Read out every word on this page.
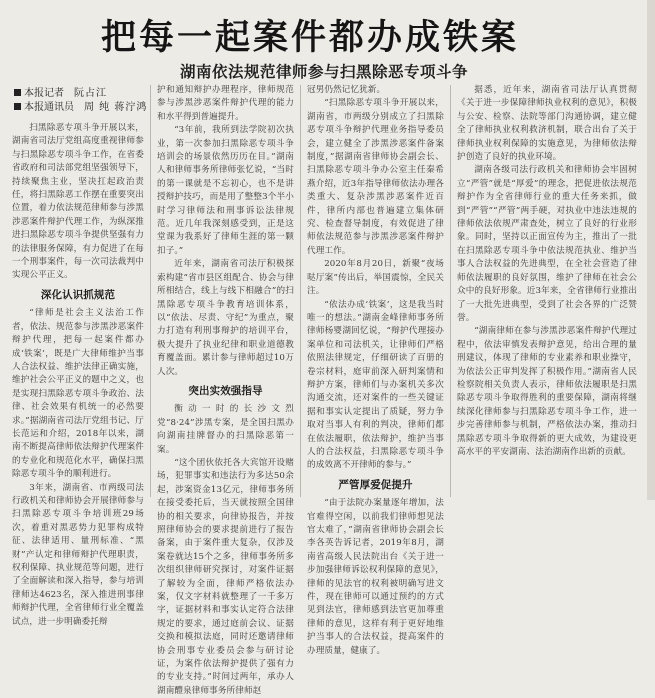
把每一起案件都办成铁案
湖南依法规范律师参与扫黑除恶专项斗争
本报记者 阮占江
本报通讯员 周 纯 蒋泞鸿

扫黑除恶专项斗争开展以来，湖南省司法厅党组高度重视律师参与扫黑除恶专项斗争工作，在省委省政府和司法部党组坚强领导下，持续聚焦主业，坚决扛起政治责任，将扫黑除恶工作摆在重要突出位置，着力依法规范律师参与涉黑涉恶案件辩护代理工作，为纵深推进扫黑除恶专项斗争提供坚强有力的法律服务保障，有力促进了在每一个刑事案件，每一次司法裁判中实现公平正义。

深化认识抓规范

“律师是社会主义法治工作者，依法、规范参与涉黑涉恶案件辩护代理，把每一起案件都办成‘铁案’，既是广大律师维护当事人合法权益、维护法律正确实施，维护社会公平正义的题中之义，也是实现扫黑除恶专项斗争政治、法律、社会效果有机统一的必然要求。”据湖南省司法厅党组书记、厅长范运和介绍，2018年以来，湖南不断提高律师依法辩护代理案件的专业化和规范化水平，确保扫黑除恶专项斗争的顺利进行。

3年来，湖南省、市两级司法行政机关和律师协会开展律师参与扫黑除恶专项斗争培训班29场次，着重对黑恶势力犯罪构成特征、法律适用、量刑标准、“黑财”产认定和律师辩护代理职责，权利保障、执业规范等问题，进行了全面解读和深入指导，参与培训律师达4623名，深入推进刑事律师辩护代理，全省律师行业全覆盖试点，进一步明确委托辩

护和通知辩护办理程序，律师规范参与涉黑涉恶案件辩护代理的能力和水平得到普遍提升。

“3年前，我所到法学院初次执业，第一次参加扫黑除恶专项斗争培训会的场景依然历历在目。”湖南人和律师事务所律师张忆说，“当时的第一课就是不忘初心，也不是讲授辩护技巧，而是用了整整3个半小时学习律师法和刑事诉讼法律规范。近几年我深刻感受到，正是这堂课为我系好了律师生涯的第一颗扣子。”

近年来，湖南省司法厅积极探索构建“省市县区组配合、协会与律所相结合，线上与线下相融合”的扫黑除恶专项斗争教育培训体系，以“依法、尽责、守纪”为重点，聚力打造有利刑事辩护的培训平台，极大提升了执业纪律和职业道德教育覆盖面。累计参与律师超过10万人次。

突出实效强指导

衡动一时的长沙文烈党“8·24”涉黑专案，是全国扫黑办向湖南挂牌督办的扫黑除恶第一案。

“这个团伙依托各大宾馆开设赌场，犯罪事实和违法行为多达50余起，涉案资金13亿元，律师事务所在接受委托后，当天就按照全国律协的相关要求，向律协报告，并按照律师协会的要求提前进行了报告备案，由于案件重大复杂，仅涉及案卷就达15个之多，律师事务所多次组织律师研究探讨，对案件证据了解较为全面，律师严格依法办案，仅文字材料就整理了一千多万字，证据材料和事实认定符合法律规定的要求，通过庭前会议、证据交换和模拟法庭，同时还邀请律师协会刑事专业委员会参与研讨论证，为案件依法辩护提供了强有力的专业支持。”时间过两年，承办人湖南醴泉律师事务所律师赵

冠男仍然记忆犹新。

“扫黑除恶专项斗争开展以来，湖南省，市两级分别成立了扫黑除恶专项斗争辩护代理业务指导委员会，建立健全了涉黑涉恶案件备案制度，”据湖南省律师协会副会长、扫黑除恶专项斗争办公室主任秦希燕介绍，近3年指导律师依法办理各类重大、复杂涉黑涉恶案件近百件，律所内部也普遍建立集体研究、检查督导制度，有效促进了律师依法规范参与涉黑涉恶案件辩护代理工作。

2020年8月20日，新聚“夜场哒厅案”传出后，举国震惊，全民关注。

“依法办成‘铁案’，这是我当时唯一的想法。”湖南金峰律师事务所律师杨婴湖回忆说，“辩护代理接办案单位和司法机关，让律师们严格依照法律规定，仔细研读了百册的卷宗材料，庭审前深入研判案情和辩护方案，律师们与办案机关多次沟通交流，还对案件的一些关键证据和事实认定提出了质疑，努力争取对当事人有利的判决，律师们都在依法履职，依法辩护，维护当事人的合法权益，扫黑除恶专项斗争的成效离不开律师的参与。”

严管厚爱促提升

“由于法院办案量逐年增加，法官难得空闲，以前我们律师想见法官太难了，”湖南省律师协会副会长李各英告诉记者，2019年8月，湖南省高级人民法院出台《关于进一步加强律师诉讼权利保障的意见》，律师的见法官的权利被明确写进文件，现在律师可以通过预约的方式见到法官，律师感到法官更加尊重律师的意见，这样有利于更好地维护当事人的合法权益，提高案件的办理质量，健康了。

据悉，近年来，湖南省司法厅认真贯彻《关于进一步保障律师执业权利的意见》，积极与公安、检察、法院等部门沟通协调，建立健全了律师执业权利救济机制，联合出台了关于律师执业权利保障的实施意见，为律师依法辩护创造了良好的执业环境。

湖南各级司法行政机关和律师协会牢固树立“严管”就是“厚爱”的理念，把促进依法规范辩护作为全省律师行业的重大任务来抓，做到“严管”“严管”两手硬，对执业中违法违规的律师依法依规严肃查处，树立了良好的行业形象。同时，坚持以正面宣传为主，推出了一批在扫黑除恶专项斗争中依法规范执业、维护当事人合法权益的先进典型，在全社会营造了律师依法履职的良好氛围，维护了律师在社会公众中的良好形象。近3年来，全省律师行业推出了一大批先进典型，受到了社会各界的广泛赞誉。

“湖南律师在参与涉黑涉恶案件辩护代理过程中，依法审慎发表辩护意见，给出合理的量刑建议，体现了律师的专业素养和职业操守，为依法公正审判发挥了积极作用。”湖南省人民检察院相关负责人表示，律师依法履职是扫黑除恶专项斗争取得胜利的重要保障，湖南将继续深化律师参与扫黑除恶专项斗争工作，进一步完善律师参与机制，严格依法办案，推动扫黑除恶专项斗争取得新的更大成效，为建设更高水平的平安湖南、法治湖南作出新的贡献。
